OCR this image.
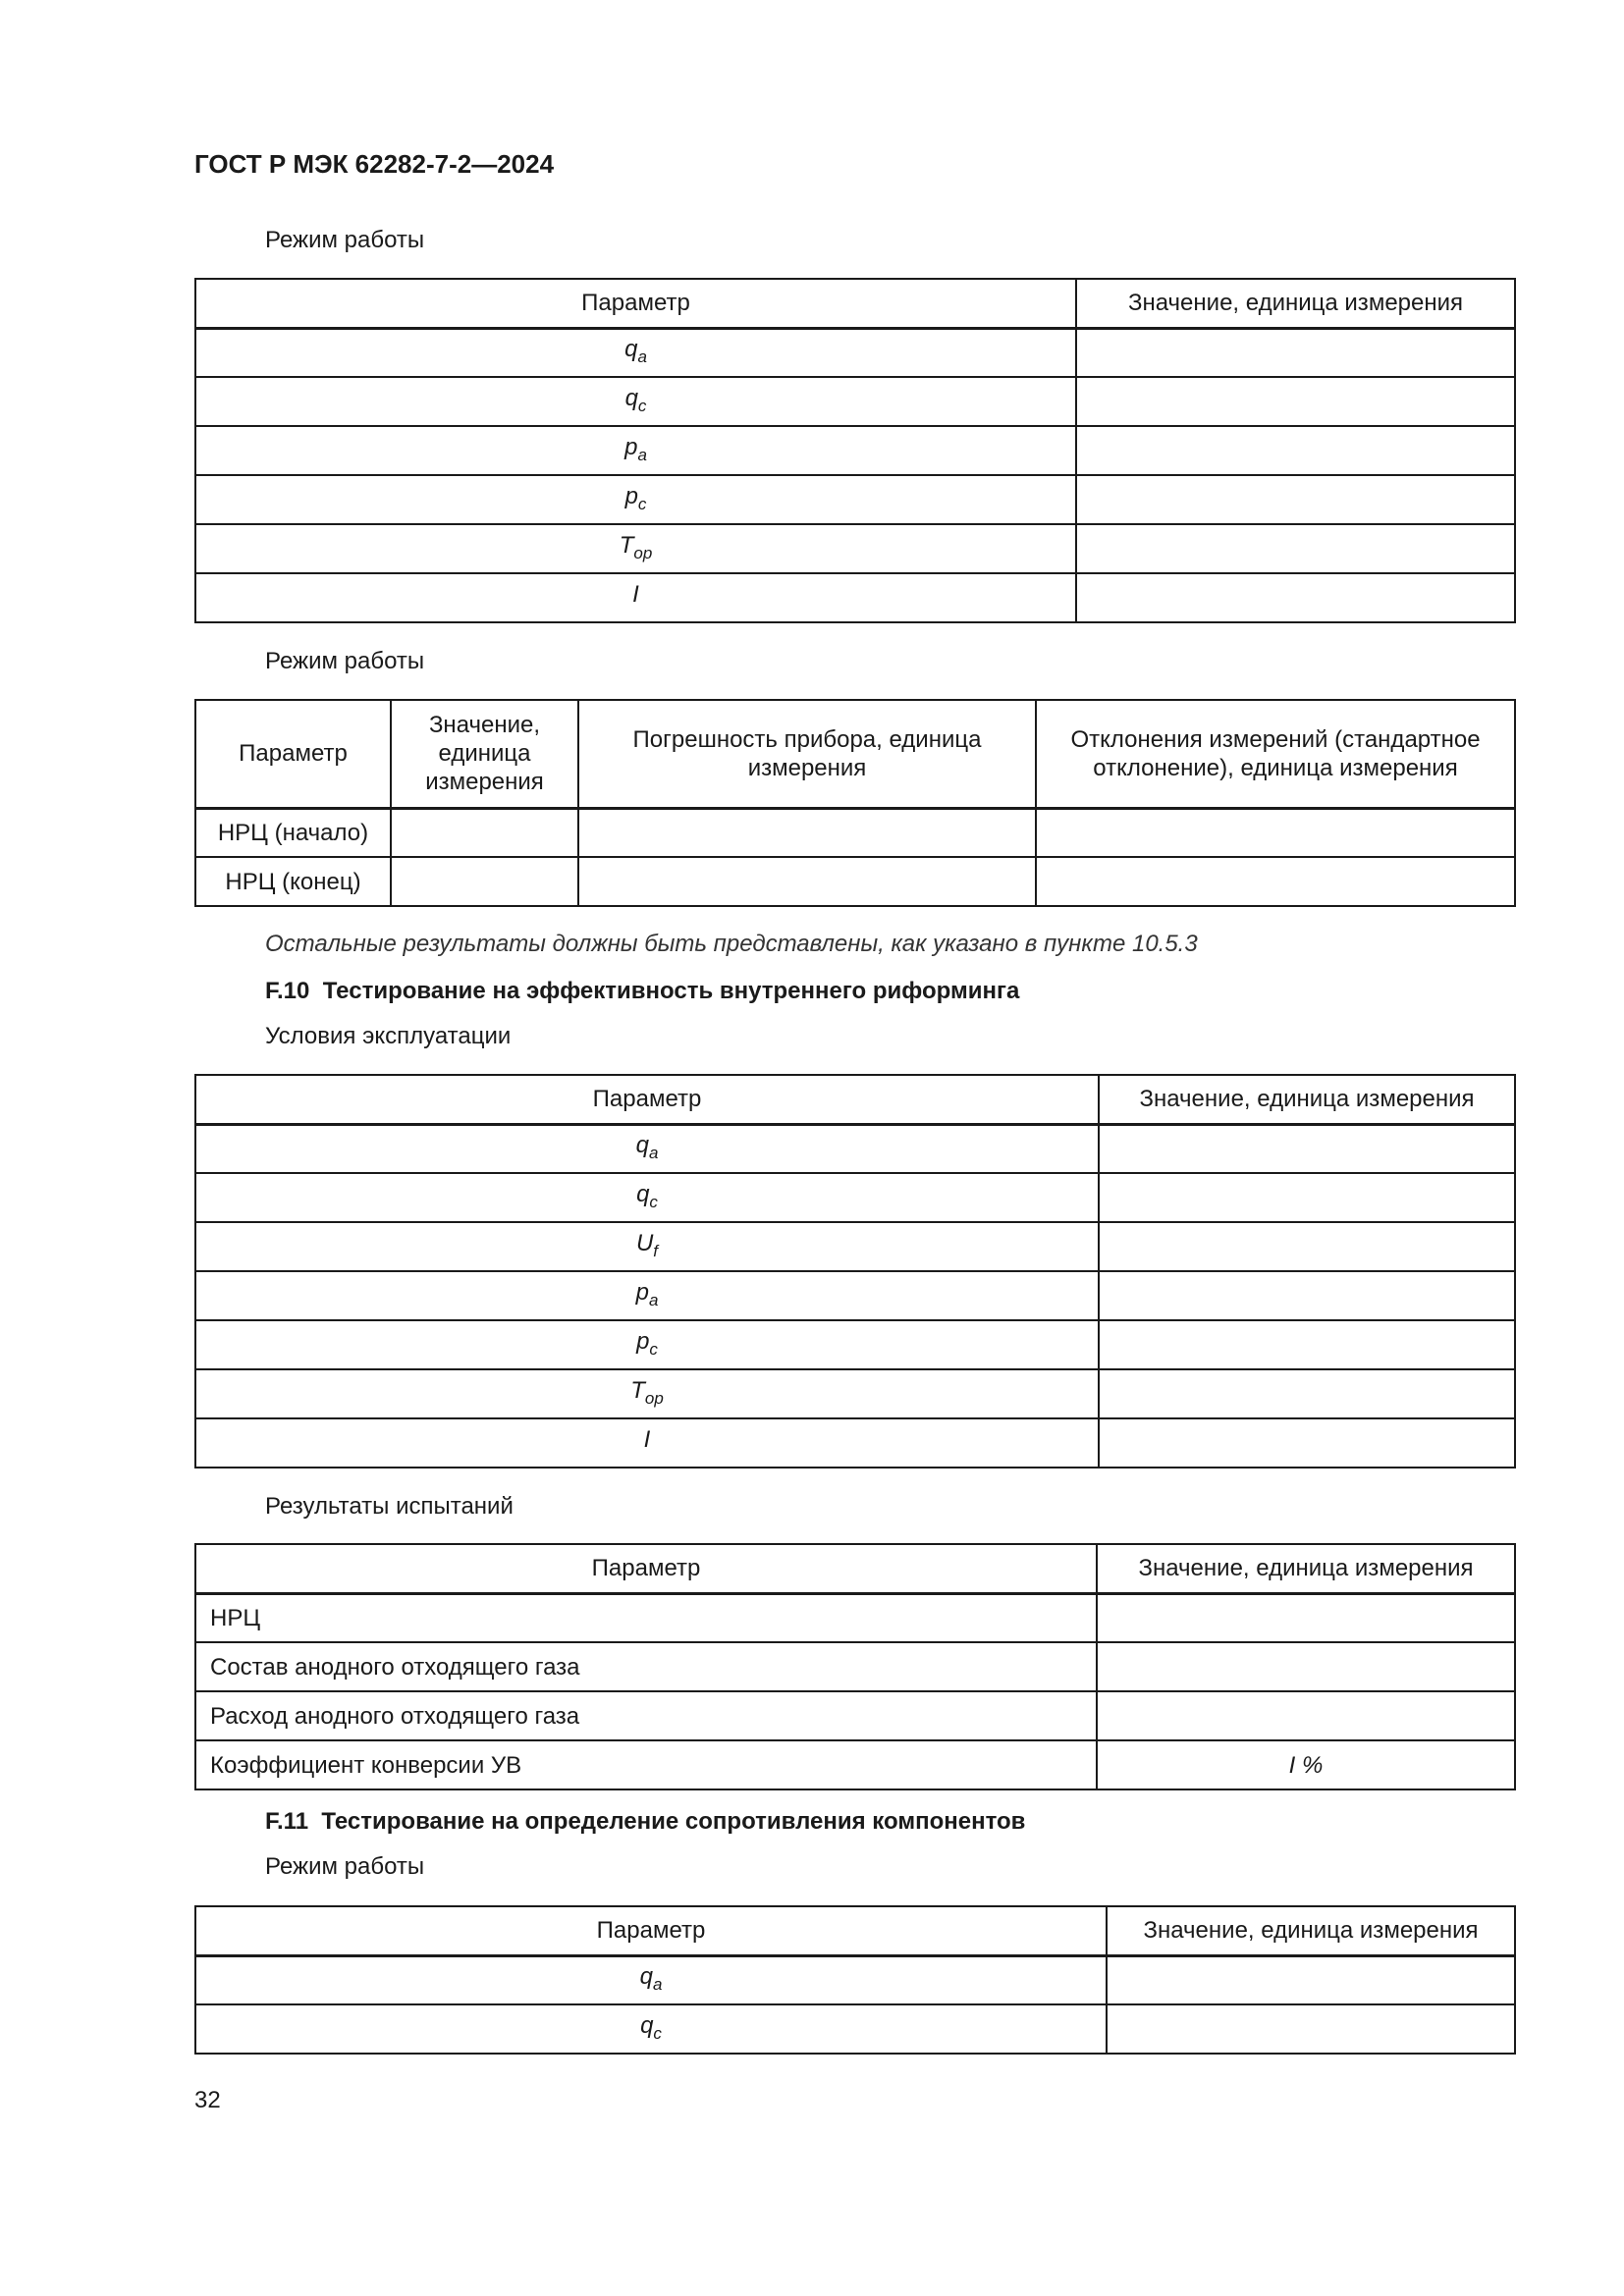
ГОСТ Р МЭК 62282-7-2—2024
Режим работы
Параметр	Значение, единица измерения
$q_a$	
$q_c$	
$p_a$	
$p_c$	
$T_{op}$	
I	
Режим работы
Параметр	Значение, единица измерения	Погрешность прибора, единица измерения	Отклонения измерений (стандартное отклонение), единица измерения
НРЦ (начало)			
НРЦ (конец)			
Остальные результаты должны быть представлены, как указано в пункте 10.5.3
F.10 Тестирование на эффективность внутреннего риформинга
Условия эксплуатации
Параметр	Значение, единица измерения
$q_a$	
$q_c$	
$U_f$	
$p_a$	
$p_c$	
$T_{op}$	
I	
Результаты испытаний
Параметр	Значение, единица измерения
НРЦ	
Состав анодного отходящего газа	
Расход анодного отходящего газа	
Коэффициент конверсии УВ	I %
F.11 Тестирование на определение сопротивления компонентов
Режим работы
Параметр	Значение, единица измерения
$q_a$	
$q_c$	
32
